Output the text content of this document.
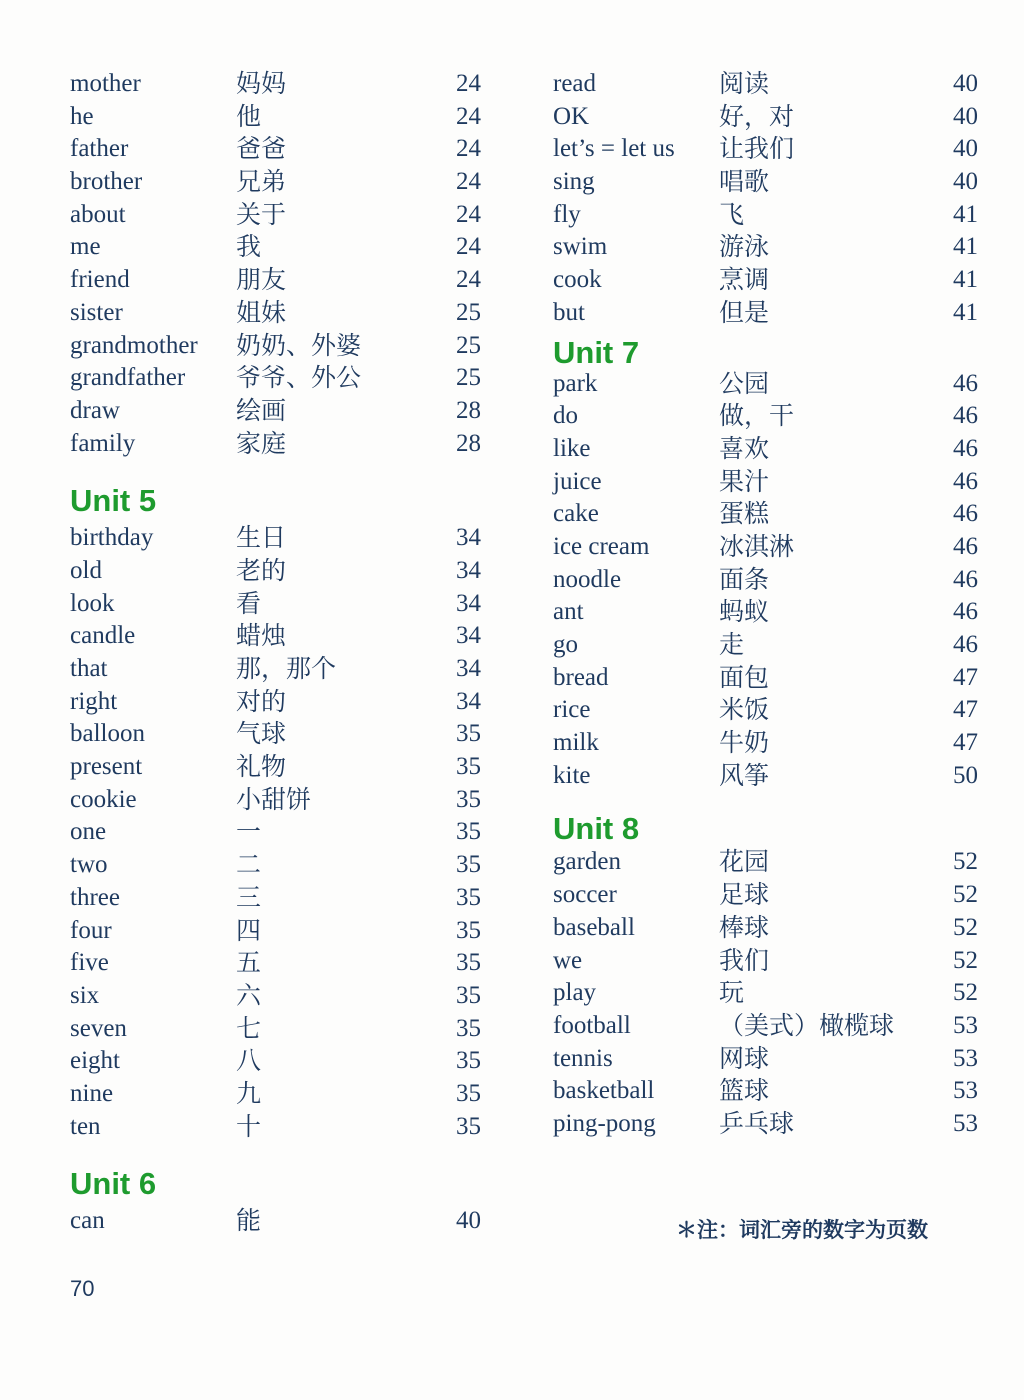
mother	妈妈	24
he	他	24
father	爸爸	24
brother	兄弟	24
about	关于	24
me	我	24
friend	朋友	24
sister	姐妹	25
grandmother	奶奶、外婆	25
grandfather	爷爷、外公	25
draw	绘画	28
family	家庭	28
Unit 5
birthday	生日	34
old	老的	34
look	看	34
candle	蜡烛	34
that	那，那个	34
right	对的	34
balloon	气球	35
present	礼物	35
cookie	小甜饼	35
one	一	35
two	二	35
three	三	35
four	四	35
five	五	35
six	六	35
seven	七	35
eight	八	35
nine	九	35
ten	十	35
Unit 6
can	能	40
read	阅读	40
OK	好，对	40
let’s = let us	让我们	40
sing	唱歌	40
fly	飞	41
swim	游泳	41
cook	烹调	41
but	但是	41
Unit 7
park	公园	46
do	做，干	46
like	喜欢	46
juice	果汁	46
cake	蛋糕	46
ice cream	冰淇淋	46
noodle	面条	46
ant	蚂蚁	46
go	走	46
bread	面包	47
rice	米饭	47
milk	牛奶	47
kite	风筝	50
Unit 8
garden	花园	52
soccer	足球	52
baseball	棒球	52
we	我们	52
play	玩	52
football	（美式）橄榄球	53
tennis	网球	53
basketball	篮球	53
ping-pong	乒乓球	53
＊注：词汇旁的数字为页数
70
